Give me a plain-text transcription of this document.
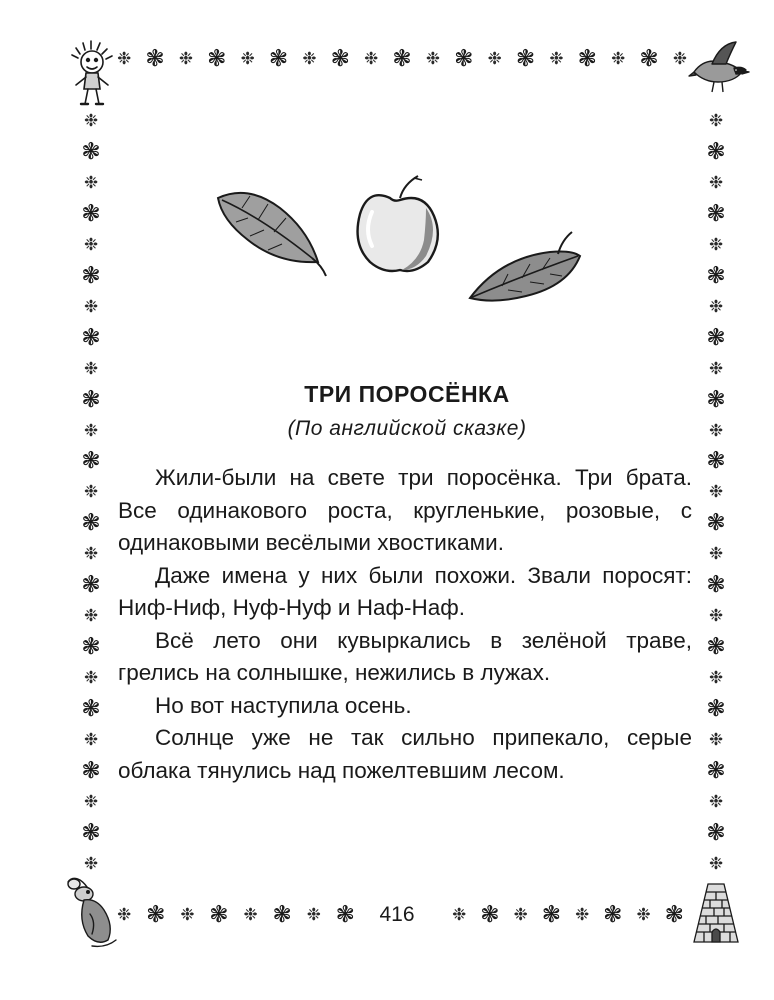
❉ ❃ ❉ ❃ ❉ ❃ ❉ ❃ ❉ ❃ ❉ ❃ ❉ ❃ ❉ ❃ ❉ ❃ ❉
❉
❃
❉
❃
❉
❃
❉
❃
❉
❃
❉
❃
❉
❃
❉
❃
❉
❃
❉
❃
❉
❃
❉
❃
❉
❉
❃
❉
❃
❉
❃
❉
❃
❉
❃
❉
❃
❉
❃
❉
❃
❉
❃
❉
❃
❉
❃
❉
❃
❉
❉ ❃ ❉ ❃ ❉ ❃ ❉ ❃	❉ ❃ ❉ ❃ ❉ ❃ ❉ ❃
ТРИ ПОРОСЁНКА
(По английской сказке)

Жили-были на свете три поросёнка. Три брата. Все одинакового роста, кругленькие, розовые, с одинаковыми весёлыми хвостиками.

Даже имена у них были похожи. Звали поросят: Ниф-Ниф, Нуф-Нуф и Наф-Наф.

Всё лето они кувыркались в зелёной траве, грелись на солнышке, нежились в лужах.

Но вот наступила осень.

Солнце уже не так сильно припекало, серые облака тянулись над пожелтевшим лесом.

416
